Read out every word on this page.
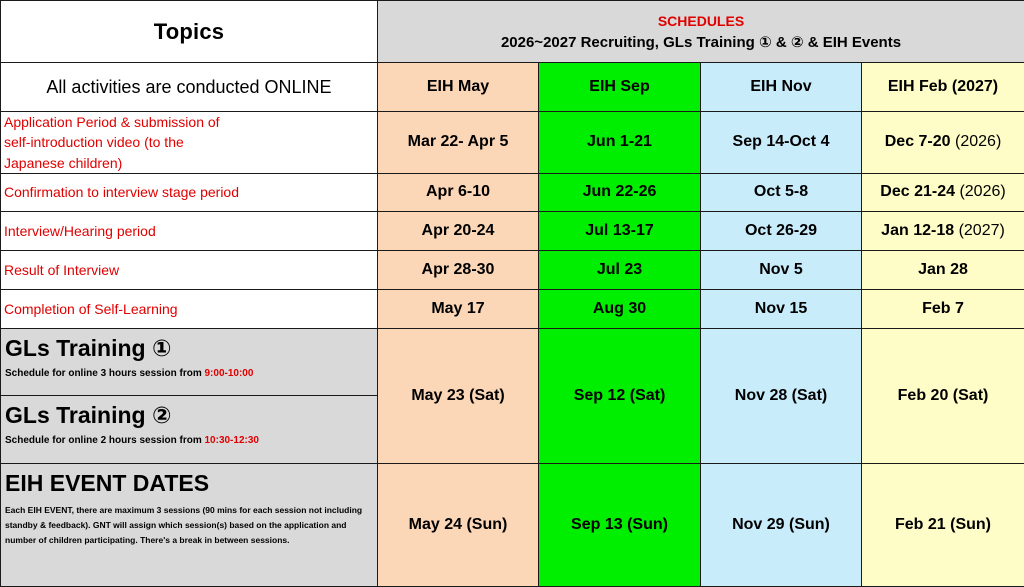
Topics	SCHEDULES
2026~2027 Recruiting, GLs Training ① & ② & EIH Events			

All activities are conducted ONLINE	EIH May	EIH Sep	EIH Nov	EIH Feb (2027)
Application Period & submission of self-introduction video (to the Japanese children)	Mar 22- Apr 5	Jun 1-21	Sep 14-Oct 4	Dec 7-20 (2026)
Confirmation to interview stage period	Apr 6-10	Jun 22-26	Oct 5-8	Dec 21-24 (2026)
Interview/Hearing period	Apr 20-24	Jul 13-17	Oct 26-29	Jan 12-18 (2027)
Result of Interview	Apr 28-30	Jul 23	Nov 5	Jan 28
Completion of Self-Learning	May 17	Aug 30	Nov 15	Feb 7

GLs Training ①
Schedule for online 3 hours session from 9:00-10:00	May 23 (Sat)	Sep 12 (Sat)	Nov 28 (Sat)	Feb 20 (Sat)

GLs Training ②
Schedule for online 2 hours session from 10:30-12:30				

EIH EVENT DATES
Each EIH EVENT, there are maximum 3 sessions (90 mins for each session not including standby & feedback). GNT will assign which session(s) based on the application and number of children participating. There's a break in between sessions.	May 24 (Sun)	Sep 13 (Sun)	Nov 29 (Sun)	Feb 21 (Sun)
